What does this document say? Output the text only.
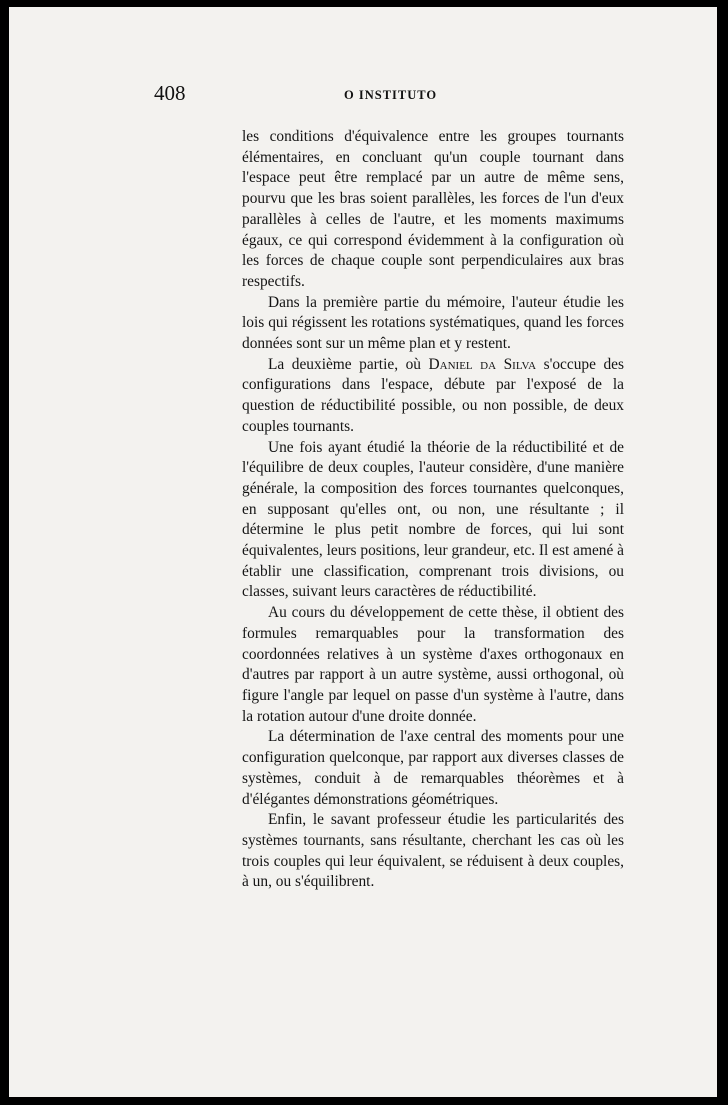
408	O INSTITUTO

les conditions d'équivalence entre les groupes tournants élémentaires, en concluant qu'un couple tournant dans l'espace peut être remplacé par un autre de même sens, pourvu que les bras soient parallèles, les forces de l'un d'eux parallèles à celles de l'autre, et les moments maximums égaux, ce qui correspond évidemment à la configuration où les forces de chaque couple sont perpendiculaires aux bras respectifs.

Dans la première partie du mémoire, l'auteur étudie les lois qui régissent les rotations systématiques, quand les forces données sont sur un même plan et y restent.

La deuxième partie, où Daniel da Silva s'occupe des configurations dans l'espace, débute par l'exposé de la question de réductibilité possible, ou non possible, de deux couples tournants.

Une fois ayant étudié la théorie de la réductibilité et de l'équilibre de deux couples, l'auteur considère, d'une manière générale, la composition des forces tournantes quelconques, en supposant qu'elles ont, ou non, une résultante ; il détermine le plus petit nombre de forces, qui lui sont équivalentes, leurs positions, leur grandeur, etc. Il est amené à établir une classification, comprenant trois divisions, ou classes, suivant leurs caractères de réductibilité.

Au cours du développement de cette thèse, il obtient des formules remarquables pour la transformation des coordonnées relatives à un système d'axes orthogonaux en d'autres par rapport à un autre système, aussi orthogonal, où figure l'angle par lequel on passe d'un système à l'autre, dans la rotation autour d'une droite donnée.

La détermination de l'axe central des moments pour une configuration quelconque, par rapport aux diverses classes de systèmes, conduit à de remarquables théorèmes et à d'élégantes démonstrations géométriques.

Enfin, le savant professeur étudie les particularités des systèmes tournants, sans résultante, cherchant les cas où les trois couples qui leur équivalent, se réduisent à deux couples, à un, ou s'équilibrent.
